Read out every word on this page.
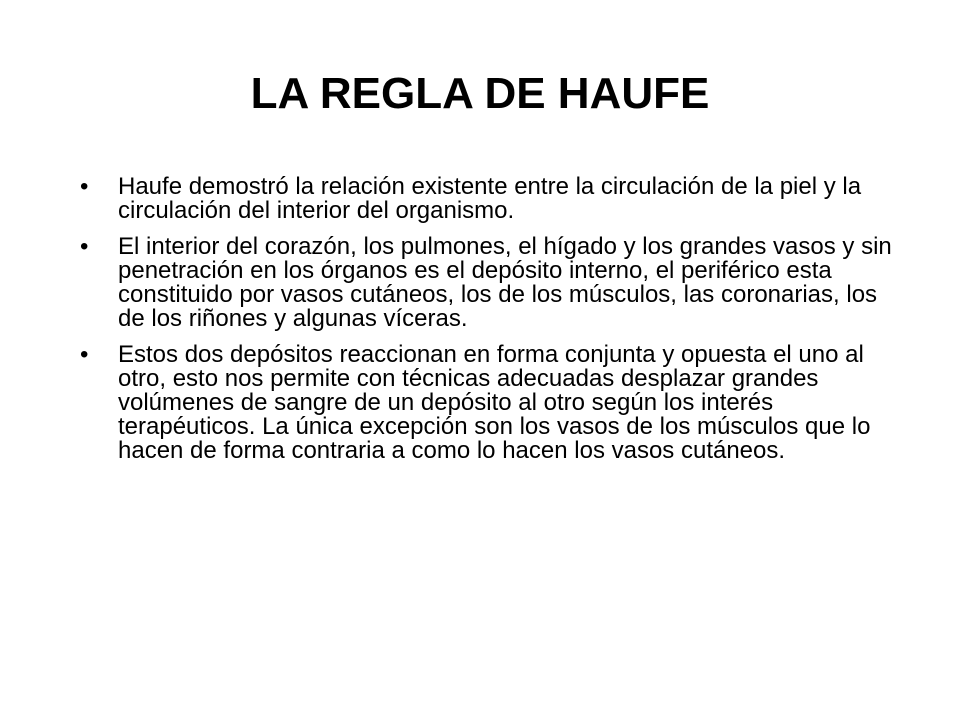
LA REGLA DE HAUFE
•	Haufe demostró la relación existente entre la circulación de la piel y la circulación del interior del organismo.
•	El interior del corazón, los pulmones, el hígado y los grandes vasos y sin penetración en los órganos es el depósito interno, el periférico esta constituido por vasos cutáneos, los de los músculos, las coronarias, los de los riñones y algunas víceras.
•	Estos dos depósitos reaccionan en forma conjunta y opuesta el uno al otro, esto nos permite con técnicas adecuadas desplazar grandes volúmenes de sangre de un depósito al otro según los interés terapéuticos. La única excepción son los vasos de los músculos que lo hacen de forma contraria a como lo hacen los vasos cutáneos.
